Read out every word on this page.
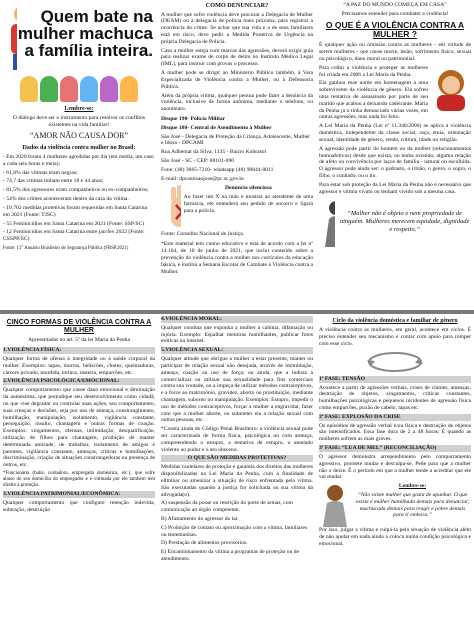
Quem bate na mulher machuca a família inteira.

Lembre-se:

O diálogo deve ser o instrumento para resolver os conflitos existentes na vida familiar!

“AMOR NÃO CAUSA DOR”

Dados da violência contra mulher no Brasil:

- Em 2020 foram 4 mulheres agredidas por dia (em média, um caso a cada seis horas e meia);

- 61,8% das vítimas eram negras;

- 74,7 das vítimas tinham entre 18 e 44 anos;

- 81,5% dos agressores eram companheiros ou ex-companheiros;

- 54% dos crimes aconteceram dentro da casa da vítima.

- 19.702 medidas protetivas foram requeridas em Santa Catarina em 2021 (Fonte: TJSC)

- 55 Feminicídios em Santa Catarina em 2021 (Fonte: SSP/SC)

- 12 Feminicídios em Santa Catarina entre jan/fev 2022 (Fonte: CSSPP/SC)

Fonte: 15° Anuário Brasileiro de Segurança Pública (FBSP,2021)

COMO DENUNCIAR?

A mulher que sofre violência deve procurar a Delegacia de Mulher (DEAM) ou a delegacia de polícia mais próxima, para registrar a ocorrência do crime. Se achar que sua vida e a de seus familiares está em risco, deve pedir a Medida Protetiva de Urgência na própria Delegacia de Polícia.

Caso a mulher esteja com marcas das agressões, deverá exigir guia para realizar exame de corpo de delito no Instituto Médico Legal (IML), para instruir com provas o processo.

A mulher pode se dirigir ao Ministério Público também, à Vara Especializada de Violência contra a Mulher, ou à Defensoria Pública.

Além da própria vítima, qualquer pessoa pode fazer a denúncia da violência, inclusive de forma anônima, mediante o telefone, ou anonimato.

Disque 190- Polícia Militar

Disque 180- Central de Atendimento à Mulher

São José - Delegacia de Proteção da Criança, Adolescente, Mulher e Idoso - DPCAMI

Rua Adhemar da Silva, 1135 - Bairro Kobrasol

São José - SC - CEP: 88101-090

Fone: (48) 3665-7210- whatsapp (48) 98844-0011

E-mail: dpcamisaojose@pc.sc.gov.br

Denúncia silenciosa

Ao fazer um X na mão e mostrar ao atendente de uma farmácia, ele entenderá seu pedido de socorro e ligará para a polícia.

Fonte: Conselho Nacional de Justiça.

*Este material tem cunho educativo e está de acordo com a lei nº 14.164, de 10 de junho de 2021, que inclui conteúdo sobre a prevenção da violência contra a mulher nos currículos da educação básica, e institui a Semana Escolar de Combate à Violência contra a Mulher.

“A PAZ DO MUNDO COMEÇA EM CASA”

Precisamos entender para combater a violência!

O QUE É A VIOLÊNCIA CONTRA A MULHER ?

É qualquer ação ou omissão contra as mulheres - em virtude de serem mulheres - que cause morte, lesão, sofrimento físico, sexual ou psicológico, dano moral ou patrimonial.

Para coibir a violência e proteger as mulheres foi criada em 2006 a Lei Maria da Penha.

Ela ganhou esse nome em homenagem a uma sobrevivente da violência de gênero. Ela sofreu uma tentativa de assassinato por parte de seu marido que acabou a deixando cadeirante. Maria da Penha já o tinha denunciado várias vezes, em outras agressões, mas nada foi feito.

A Lei Maria da Penha (Lei nº 11.340/2006) se aplica à violência doméstica, independente da classe social, raça, etnia, orientação sexual, identidade de gênero, renda, cultura, idade ou religião.

A agressão pode partir do homem ou da mulher (relacionamentos homoafetivos) desde que exista, ou tenha existido, alguma relação de afeto ou convivência por laços de família - natural ou escolhida. O agressor pode ainda ser: o padrasto, o irmão, o genro, o sogro, o filho, o cunhado, ou o tio.

Para estar sob proteção da Lei Maria da Penha não é necessário que agressor e vítima vivam ou tenham vivido sob a mesma casa.

“Mulher não é objeto e nem propriedade de ninguém. Mulheres merecem equidade, dignidade e respeito.”

CINCO FORMAS DE VIOLÊNCIA CONTRA A MULHER

Apresentadas no art. 5º da lei Maria da Penha

1.VIOLÊNCIA FÍSICA:

Qualquer forma de ofensa à integridade ou à saúde corporal da mulher. Exemplos: tapas, murros, beliscões, chutes, queimaduras, cárcere privado, mordida, tortura, rasteira, empurrões, etc.

2.VIOLÊNCIA PSICOLÓGICA/EMOCIONAL:

Qualquer comportamento que cause dano emocional e diminuição da autoestima, que prejudique seu desenvolvimento como cidadã, ou que vise degradar ou controlar suas ações, seu comportamento, suas crenças e decisões, seja por uso de ameaça, constrangimento, humilhação, manipulação, isolamento, vigilância constante, perseguição, insulto, chantagem e outras formas de coação. Exemplos: xingamentos, ofensas, intimidação, desqualificação, utilização de filhos para chantagem, proibição de manter determinada amizade, de trabalhar, isolamento de amigos e parentes, vigilância constante, ameaças, críticas e humilhações, discriminação, criação de situações constrangedoras na presença de outros, etc.

*Funcionária (babá, cuidadora, empregada doméstica, etc.), que sofre abuso do seu domicílio do empregador e é vitimada por ele também tem direito à proteção.

3.VIOLÊNCIA PATRIMONIAL/ECONÔMICA:

Qualquer comportamento que configure retenção indevida, subtração, destruição

4.VIOLÊNCIA MORAL:

Qualquer conduta que exponha a mulher à calúnia, difamação ou injúria. Exemplo: Espalhar mentiras humilhantes, publicar fotos eróticas na internet.

5.VIOLÊNCIA SEXUAL:

Qualquer atitude que obrigue a mulher a estar presente, manter ou participar de relação sexual não desejada, através de intimidação, ameaça, coação ou uso de força; ou ainda, que a induza a comercializar ou utilizar sua sexualidade para fins comerciais contra sua vontade, ou a impeça de utilizar métodos contraceptivos, e a force ao matrimônio, gravidez, aborto ou prostituição, mediante chantagem, suborno ou manipulação. Exemplos: Estupro, impedir o uso de métodos contraceptivos, forçar a mulher a engravidar, fazer com que a mulher aborte, ou submeter ela a relação sexual com outras pessoas, etc.

*Consta ainda do Código Penal Brasileiro: a violência sexual pode ser caracterizada de forma física, psicológica ou com ameaça, compreendendo o estupro, a tentativa de estupro, o atentado violento ao pudor e o ato obsceno.

O QUE SÃO MEDIDAS PROTETIVAS?

Medidas cautelares de proteção e garantia dos direitos das mulheres disponibilizadas na Lei Maria da Penha, com a finalidade de eliminar ou amenizar a situação de risco enfrentada pela vítima. São executadas quando a justiça for solicitada ou sua vítima da advogada(o).

A) suspensão da posse ou restrição do porte de armas, com comunicação ao órgão competente.

B) Afastamento do agressor do lar.

C) Proibição de contato ou aproximação com a vítima, familiares ou testemunhas.

D) Prestação de alimentos provisórios.

E) Encaminhamento da vítima a programas de proteção ou de atendimento.

Ciclo da violência doméstica e familiar de gênero

A violência contra as mulheres, em geral, acontece em ciclos. É preciso entender seu mecanismo e contar com apoio para romper com esse ciclo.

1ª FASE: TENSÃO

Acontece a partir de agressões verbais, crises de ciúmes, ameaças, destruição de objetos, xingamentos, críticas constantes, humilhações psicológicas e pequenos incidentes de agressão física como empurrões, puxão de cabelo, tapas etc.

2ª FASE: EXPLOSÃO DA CRISE

Os episódios de agressão verbal e/ou física e destruição de objetos são intensificados. Essa fase dura de 2 a 48 horas. É quando as mulheres sofrem as mais graves.

3ª FASE: “LUA DE MEL” (RECONCILIAÇÃO)

O agressor demonstra arrependimento pelo comportamento agressivo, promete mudar e desculpa-se. Pede para que a mulher não o deixe. É o período em que a mulher tende a acreditar que ele vai mudar.

Lembre-se:

“Não existe mulher que gosta de apanhar. O que existe é mulher humilhada demais para denunciar, machucada demais para reagir e pobre demais para ir embora.”

Por isso, julgar a vítima e culpá-la pela situação de violência além de não ajudar em nada ainda a coloca numa condição psicológica e emocional.
